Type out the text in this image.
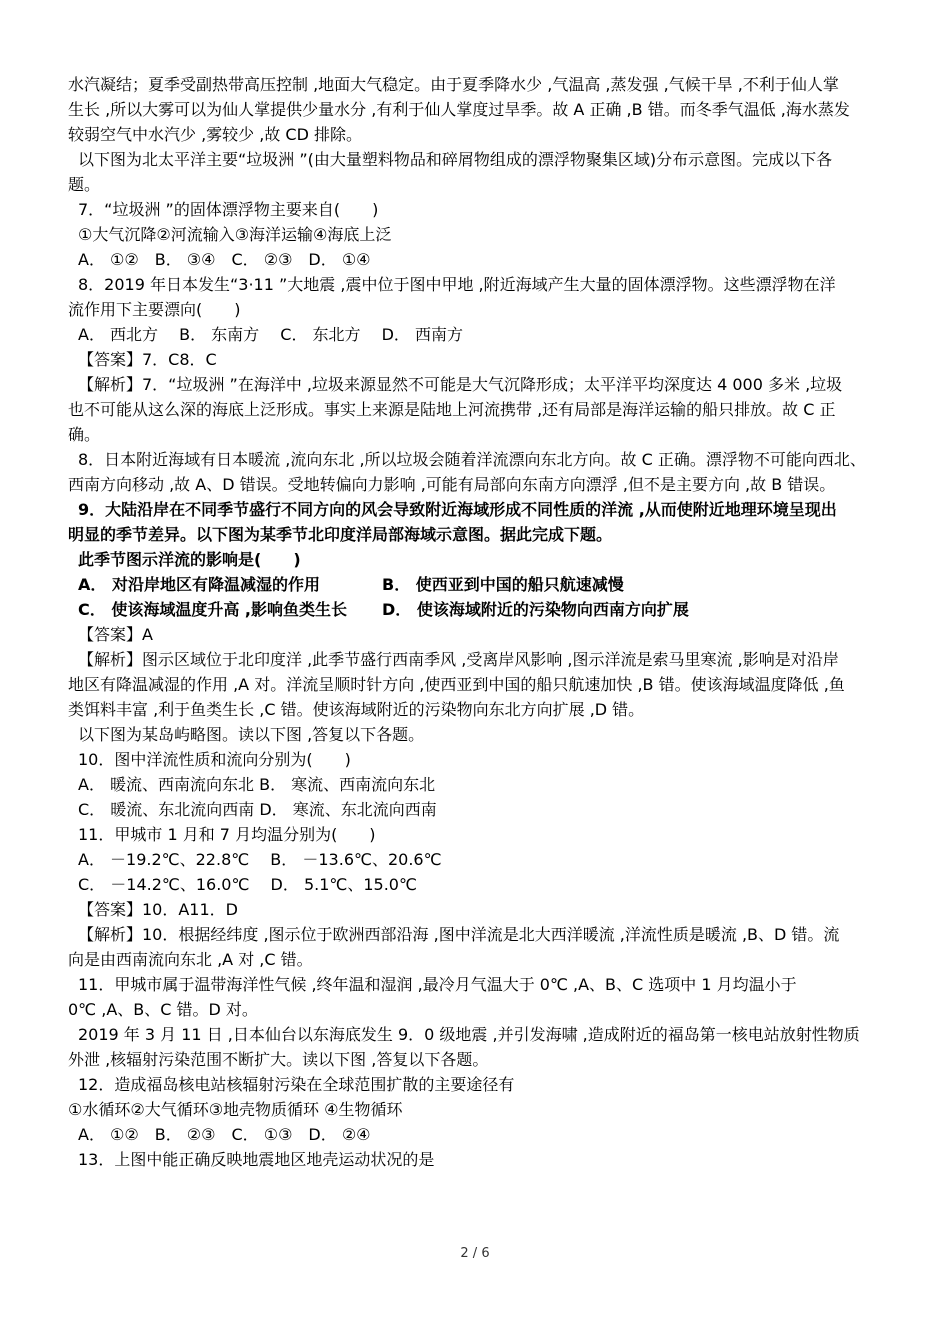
水汽凝结；夏季受副热带高压控制 ,地面大气稳定。由于夏季降水少 ,气温高 ,蒸发强 ,气候干旱 ,不利于仙人掌
生长 ,所以大雾可以为仙人掌提供少量水分 ,有利于仙人掌度过旱季。故 A 正确 ,B 错。而冬季气温低 ,海水蒸发
较弱空气中水汽少 ,雾较少 ,故 CD 排除。
以下图为北太平洋主要“垃圾洲 ”(由大量塑料物品和碎屑物组成的漂浮物聚集区域)分布示意图。完成以下各
题。
7．“垃圾洲 ”的固体漂浮物主要来自(　　)
①大气沉降②河流输入③海洋运输④海底上泛
A． ①②　B． ③④　C． ②③　D． ①④
8．2019 年日本发生“3·11 ”大地震 ,震中位于图中甲地 ,附近海域产生大量的固体漂浮物。这些漂浮物在洋
流作用下主要漂向(　　)
A． 西北方　 B． 东南方　 C． 东北方　 D． 西南方
【答案】7．C8．C
【解析】7．“垃圾洲 ”在海洋中 ,垃圾来源显然不可能是大气沉降形成；太平洋平均深度达 4 000 多米 ,垃圾
也不可能从这么深的海底上泛形成。事实上来源是陆地上河流携带 ,还有局部是海洋运输的船只排放。故 C 正
确。
8．日本附近海域有日本暖流 ,流向东北 ,所以垃圾会随着洋流漂向东北方向。故 C 正确。漂浮物不可能向西北、
西南方向移动 ,故 A、D 错误。受地转偏向力影响 ,可能有局部向东南方向漂浮 ,但不是主要方向 ,故 B 错误。
9．大陆沿岸在不同季节盛行不同方向的风会导致附近海域形成不同性质的洋流 ,从而使附近地理环境呈现出
明显的季节差异。以下图为某季节北印度洋局部海域示意图。据此完成下题。
此季节图示洋流的影响是(　　)
A． 对沿岸地区有降温减湿的作用	B． 使西亚到中国的船只航速减慢
C． 使该海域温度升高 ,影响鱼类生长	D． 使该海域附近的污染物向西南方向扩展
【答案】A
【解析】图示区域位于北印度洋 ,此季节盛行西南季风 ,受离岸风影响 ,图示洋流是索马里寒流 ,影响是对沿岸
地区有降温减湿的作用 ,A 对。洋流呈顺时针方向 ,使西亚到中国的船只航速加快 ,B 错。使该海域温度降低 ,鱼
类饵料丰富 ,利于鱼类生长 ,C 错。使该海域附近的污染物向东北方向扩展 ,D 错。
以下图为某岛屿略图。读以下图 ,答复以下各题。
10．图中洋流性质和流向分别为(　　)
A． 暖流、西南流向东北 B． 寒流、西南流向东北
C． 暖流、东北流向西南 D． 寒流、东北流向西南
11．甲城市 1 月和 7 月均温分别为(　　)
A． －19.2℃、22.8℃　 B． －13.6℃、20.6℃
C． －14.2℃、16.0℃　 D． 5.1℃、15.0℃
【答案】10．A11．D
【解析】10．根据经纬度 ,图示位于欧洲西部沿海 ,图中洋流是北大西洋暖流 ,洋流性质是暖流 ,B、D 错。流
向是由西南流向东北 ,A 对 ,C 错。
11．甲城市属于温带海洋性气候 ,终年温和湿润 ,最冷月气温大于 0℃ ,A、B、C 选项中 1 月均温小于
0℃ ,A、B、C 错。D 对。
2019 年 3 月 11 日 ,日本仙台以东海底发生 9．0 级地震 ,并引发海啸 ,造成附近的福岛第一核电站放射性物质
外泄 ,核辐射污染范围不断扩大。读以下图 ,答复以下各题。
12．造成福岛核电站核辐射污染在全球范围扩散的主要途径有
①水循环②大气循环③地壳物质循环 ④生物循环
A． ①②　B． ②③　C． ①③　D． ②④
13．上图中能正确反映地震地区地壳运动状况的是
2 / 6
